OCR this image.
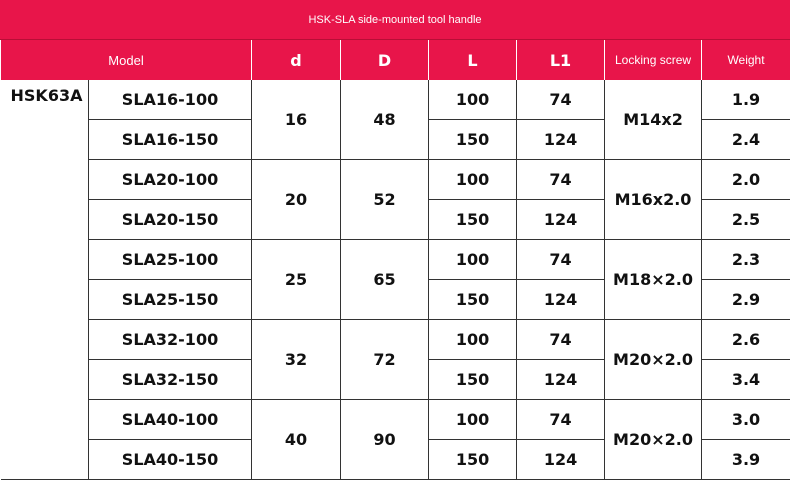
HSK-SLA side-mounted tool handle
Model		d	D	L	L1	Locking screw	Weight
HSK63A	SLA16-100	16	48	100	74	M14x2	1.9
	SLA16-150			150	124		2.4
	SLA20-100	20	52	100	74	M16x2.0	2.0
	SLA20-150			150	124		2.5
	SLA25-100	25	65	100	74	M18×2.0	2.3
	SLA25-150			150	124		2.9
	SLA32-100	32	72	100	74	M20×2.0	2.6
	SLA32-150			150	124		3.4
	SLA40-100	40	90	100	74	M20×2.0	3.0
	SLA40-150			150	124		3.9
